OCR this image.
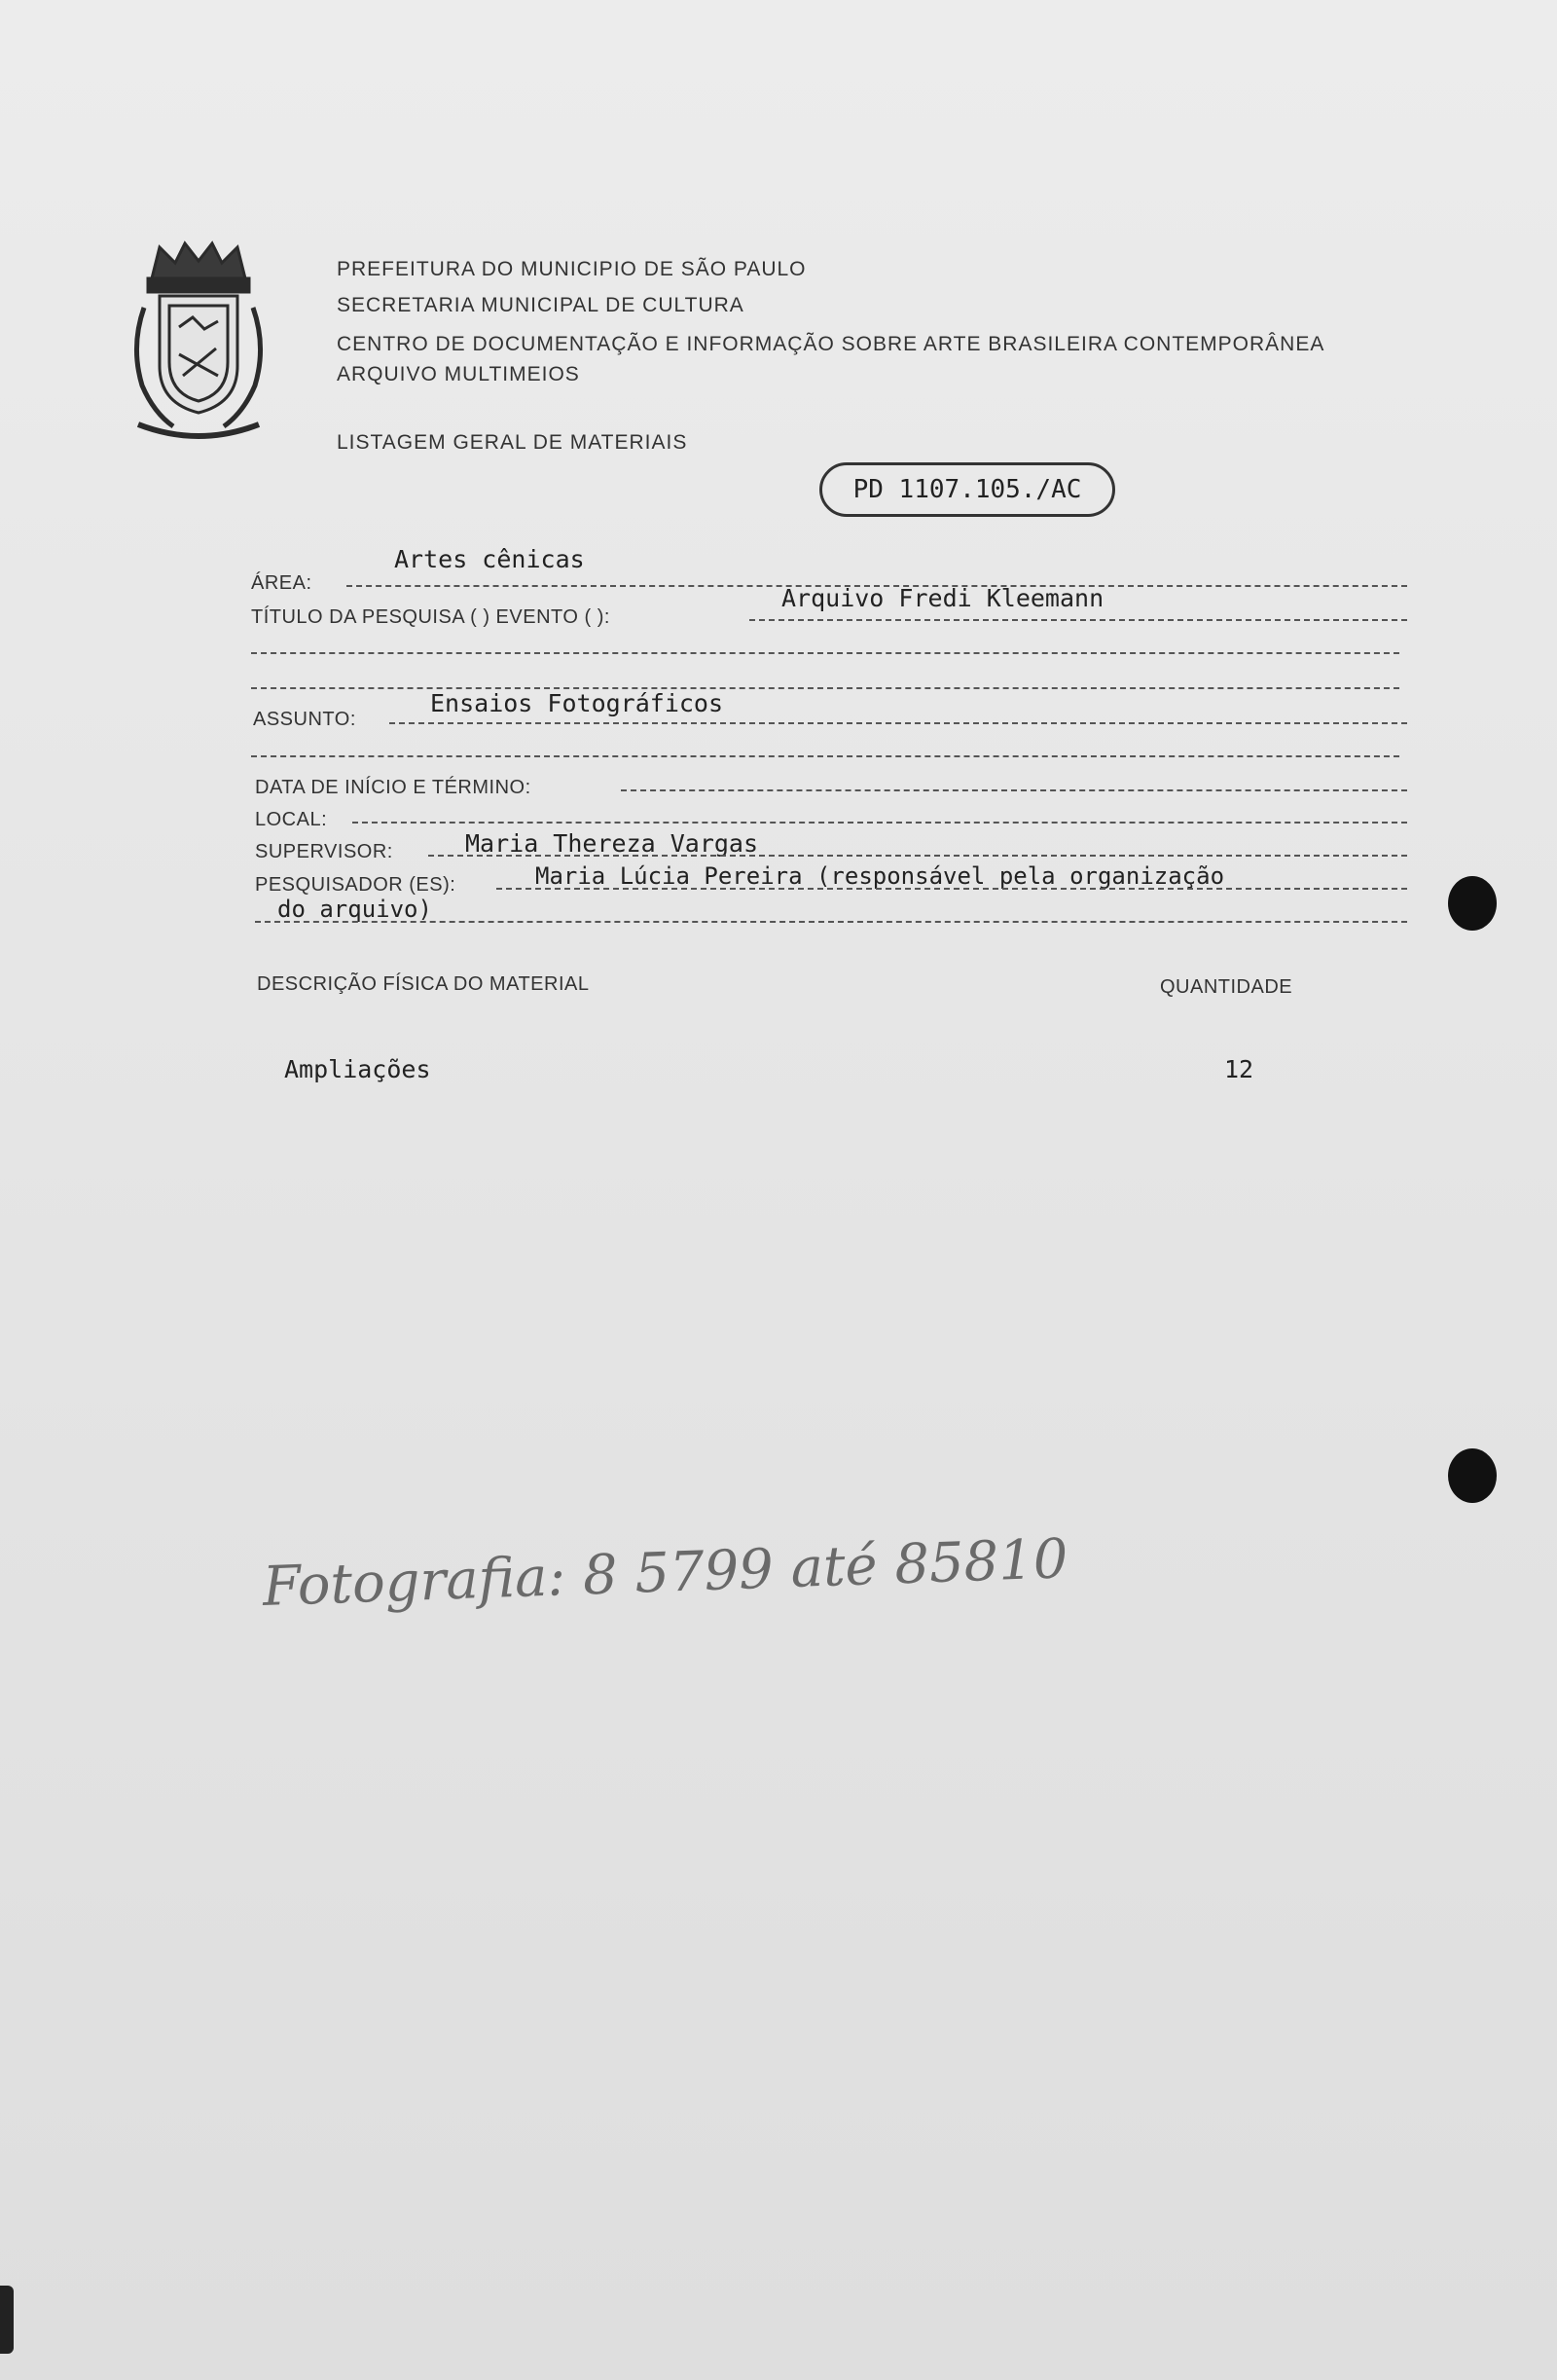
PREFEITURA DO MUNICIPIO DE SÃO PAULO
SECRETARIA MUNICIPAL DE CULTURA
CENTRO DE DOCUMENTAÇÃO E INFORMAÇÃO SOBRE ARTE BRASILEIRA CONTEMPORÂNEA
ARQUIVO MULTIMEIOS
LISTAGEM GERAL DE MATERIAIS
PD 1107.105./AC
Artes cênicas
ÁREA:
Arquivo Fredi Kleemann
TÍTULO DA PESQUISA ( ) EVENTO ( ):
Ensaios Fotográficos
ASSUNTO:
DATA DE INÍCIO E TÉRMINO:
LOCAL:
Maria Thereza Vargas
SUPERVISOR:
Maria Lúcia Pereira (responsável pela organização
PESQUISADOR (ES):
do arquivo)
DESCRIÇÃO FÍSICA DO MATERIAL	QUANTIDADE
Ampliações	12
Fotografia: 8 5799 até 85810
